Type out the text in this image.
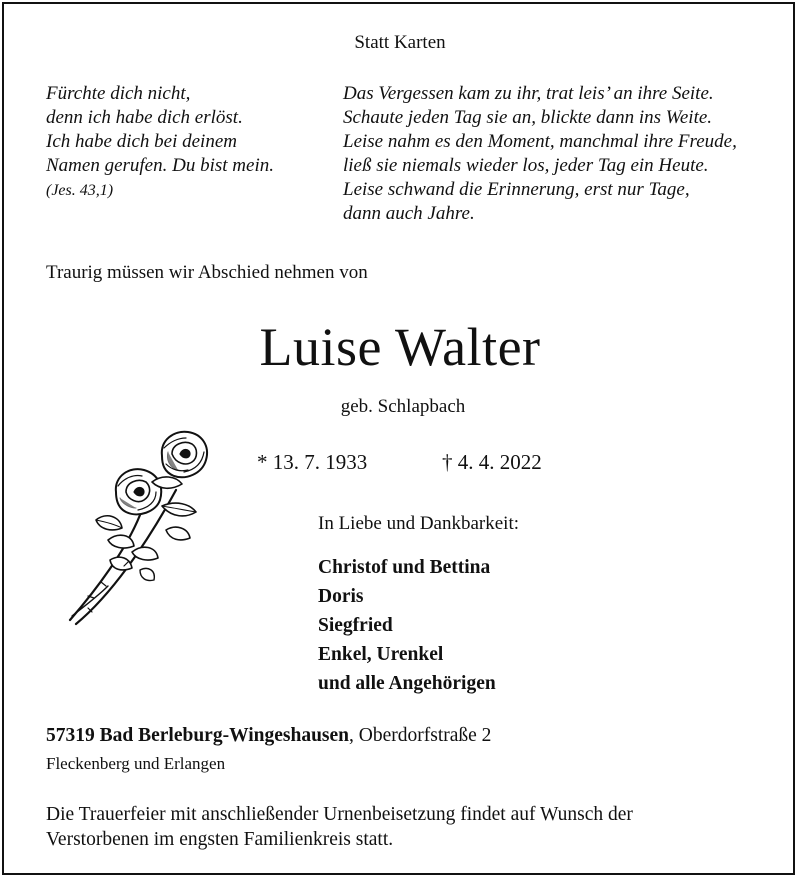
Statt Karten
Fürchte dich nicht,
denn ich habe dich erlöst.
Ich habe dich bei deinem
Namen gerufen. Du bist mein.
(Jes. 43,1)
Das Vergessen kam zu ihr, trat leis’ an ihre Seite.
Schaute jeden Tag sie an, blickte dann ins Weite.
Leise nahm es den Moment, manchmal ihre Freude,
ließ sie niemals wieder los, jeder Tag ein Heute.
Leise schwand die Erinnerung, erst nur Tage,
dann auch Jahre.
Traurig müssen wir Abschied nehmen von
Luise Walter
geb. Schlapbach
* 13. 7. 1933	† 4. 4. 2022
In Liebe und Dankbarkeit:
Christof und Bettina
Doris
Siegfried
Enkel, Urenkel
und alle Angehörigen
57319 Bad Berleburg-Wingeshausen, Oberdorfstraße 2
Fleckenberg und Erlangen
Die Trauerfeier mit anschließender Urnenbeisetzung findet auf Wunsch der
Verstorbenen im engsten Familienkreis statt.
